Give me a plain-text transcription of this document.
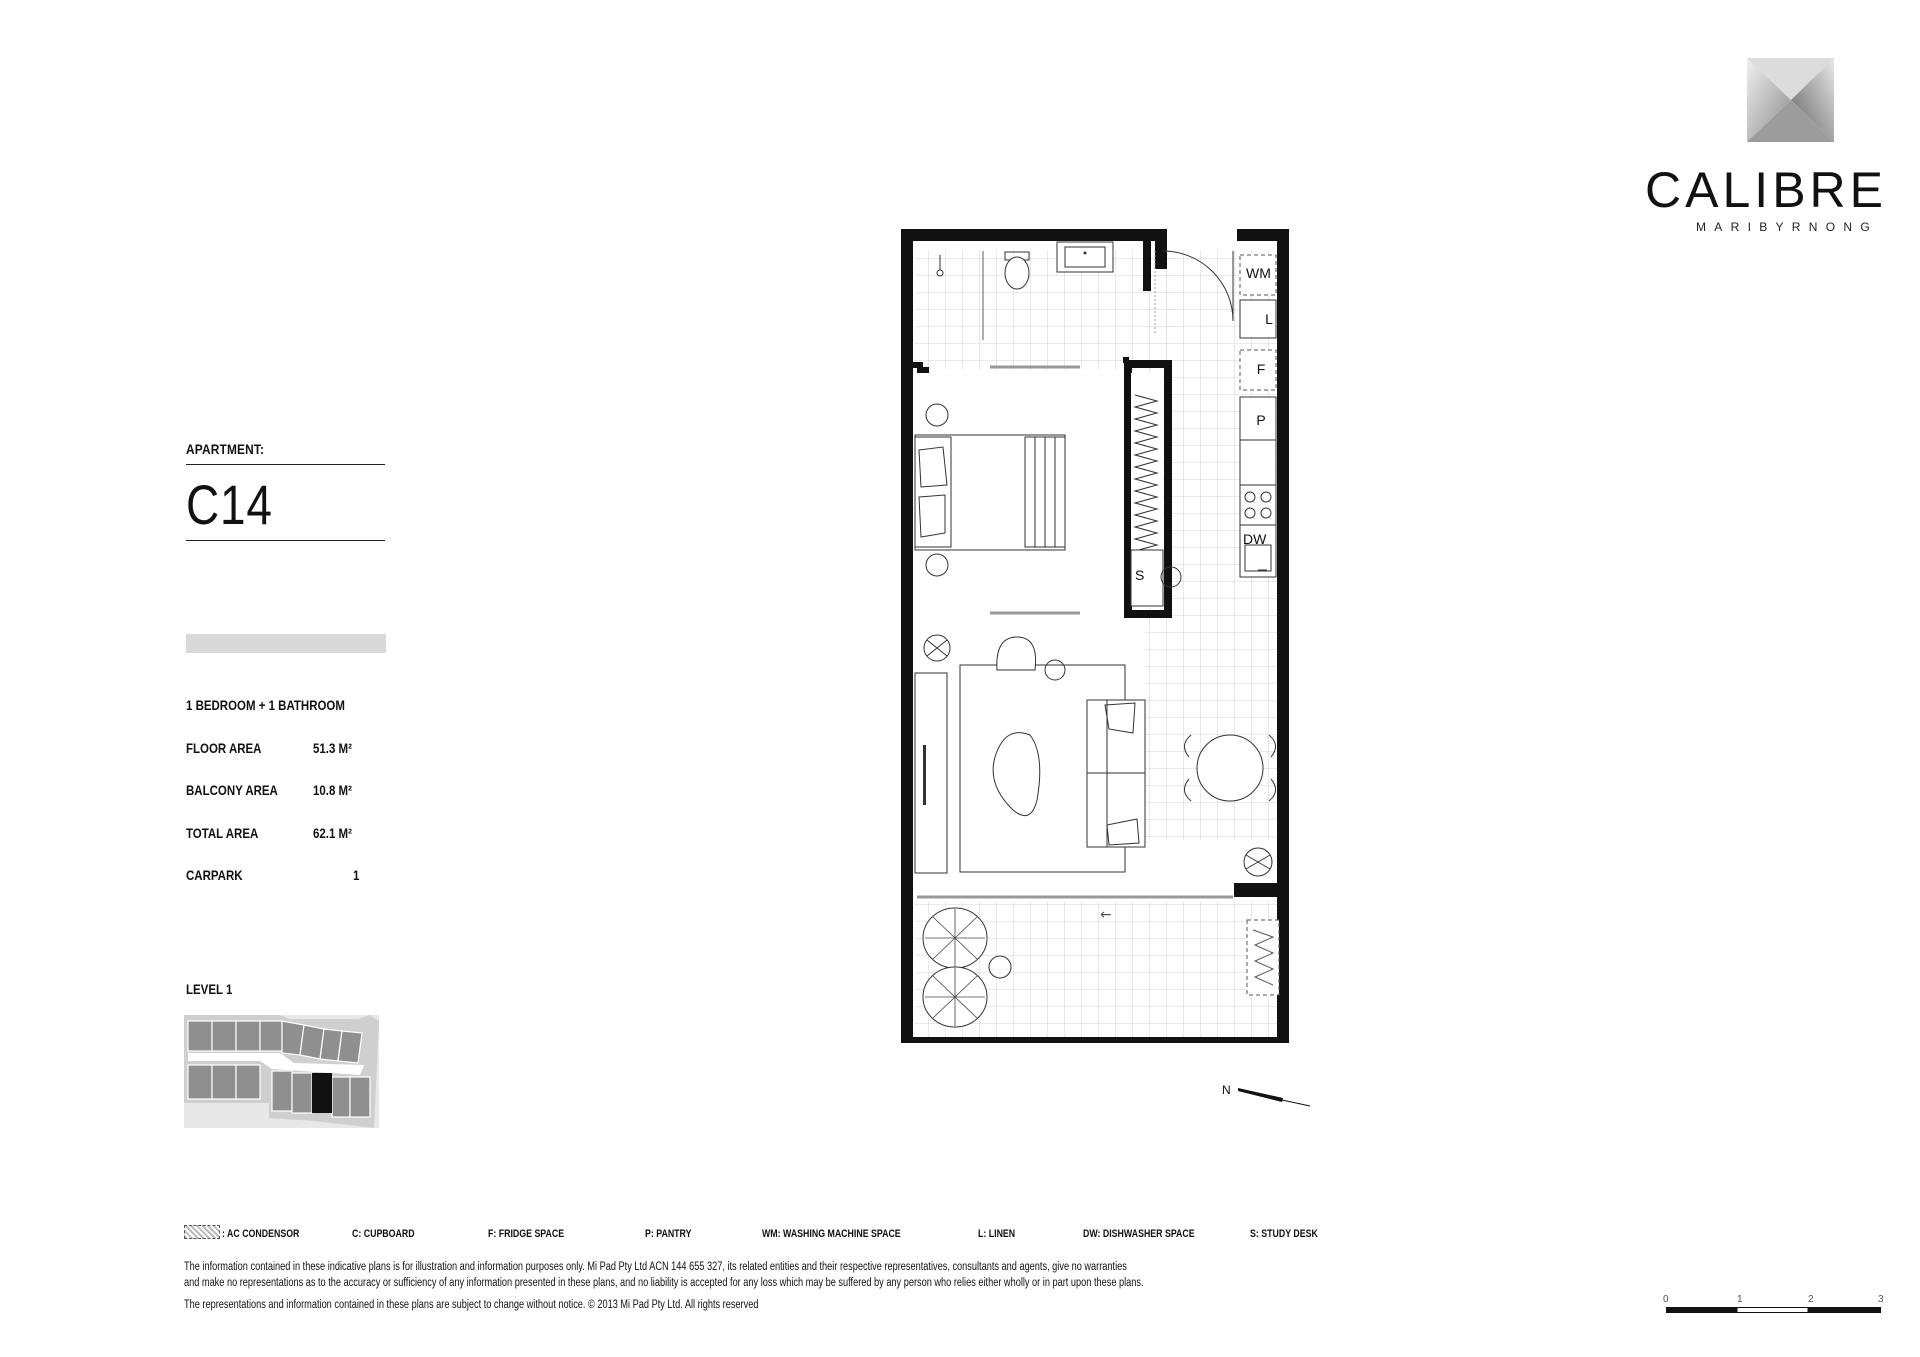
CALIBRE
MARIBYRNONG
APARTMENT:
C14
1 BEDROOM + 1 BATHROOM
FLOOR AREA	51.3 M²
BALCONY AREA	10.8 M²
TOTAL AREA	62.1 M²
CARPARK	1
LEVEL 1
←
WM
L
F
P
DW
S
N
: AC CONDENSOR	C: CUPBOARD	F: FRIDGE SPACE	P: PANTRY	WM: WASHING MACHINE SPACE	L: LINEN	DW: DISHWASHER SPACE	S: STUDY DESK
The information contained in these indicative plans is for illustration and information purposes only. Mi Pad Pty Ltd ACN 144 655 327, its related entities and their respective representatives, consultants and agents, give no warranties
and make no representations as to the accuracy or sufficiency of any information presented in these plans, and no liability is accepted for any loss which may be suffered by any person who relies either wholly or in part upon these plans.
The representations and information contained in these plans are subject to change without notice. © 2013 Mi Pad Pty Ltd. All rights reserved	0	1	2	3
